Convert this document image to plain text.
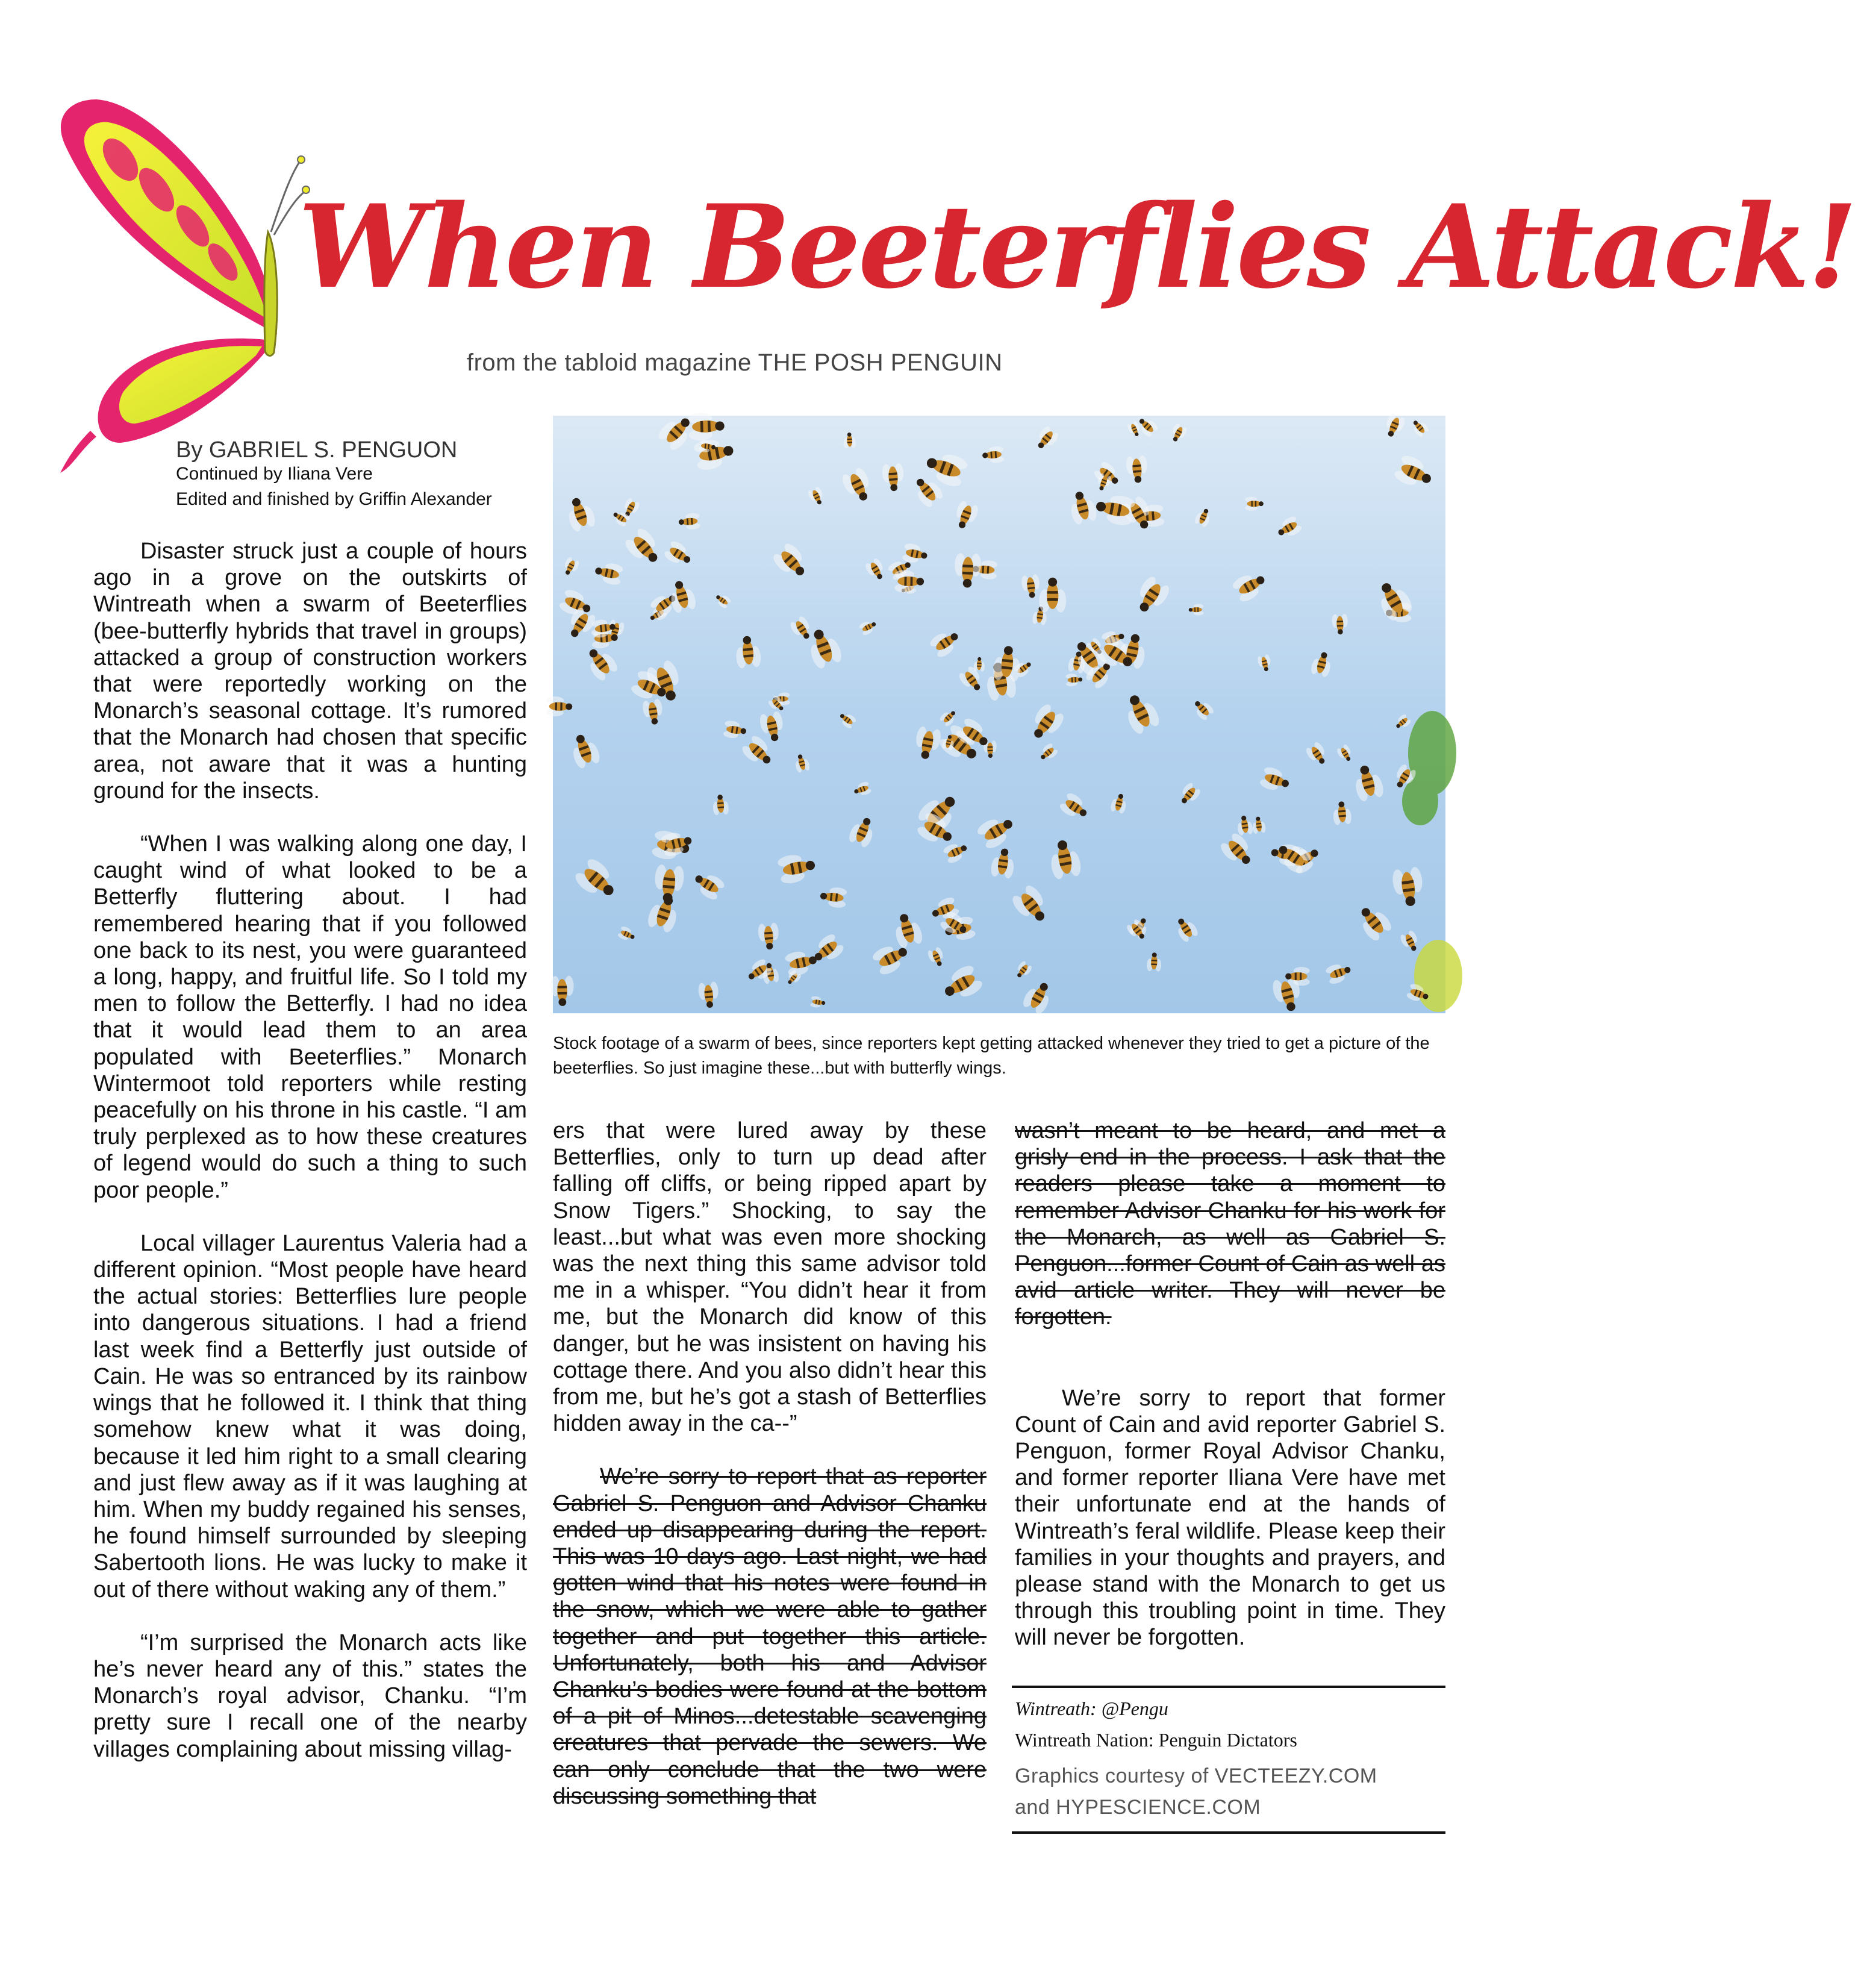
When Beeterflies Attack!
from the tabloid magazine THE POSH PENGUIN
By GABRIEL S. PENGUON
Continued by Iliana Vere
Edited and finished by Griffin Alexander

Stock footage of a swarm of bees, since reporters kept getting attacked whenever they tried to get a picture of the beeterflies. So just imagine these...but with butterfly wings.

Disaster struck just a couple of hours ago in a grove on the outskirts of Wintreath when a swarm of Beeterflies (bee-butterfly hybrids that travel in groups) attacked a group of construction workers that were reportedly working on the Monarch’s seasonal cottage. It’s rumored that the Monarch had chosen that specific area, not aware that it was a hunting ground for the insects.

“When I was walking along one day, I caught wind of what looked to be a Betterfly fluttering about. I had remembered hearing that if you followed one back to its nest, you were guaranteed a long, happy, and fruitful life. So I told my men to follow the Betterfly. I had no idea that it would lead them to an area populated with Beeterflies.” Monarch Wintermoot told reporters while resting peacefully on his throne in his castle. “I am truly perplexed as to how these creatures of legend would do such a thing to such poor people.”

Local villager Laurentus Valeria had a different opinion. “Most people have heard the actual stories: Betterflies lure people into dangerous situations. I had a friend last week find a Betterfly just outside of Cain. He was so entranced by its rainbow wings that he followed it. I think that thing somehow knew what it was doing, because it led him right to a small clearing and just flew away as if it was laughing at him. When my buddy regained his senses, he found himself surrounded by sleeping Sabertooth lions. He was lucky to make it out of there without waking any of them.”

“I’m surprised the Monarch acts like he’s never heard any of this.” states the Monarch’s royal advisor, Chanku. “I’m pretty sure I recall one of the nearby villages complaining about missing villag-

ers that were lured away by these Betterflies, only to turn up dead after falling off cliffs, or being ripped apart by Snow Tigers.” Shocking, to say the least...but what was even more shocking was the next thing this same advisor told me in a whisper. “You didn’t hear it from me, but the Monarch did know of this danger, but he was insistent on having his cottage there. And you also didn’t hear this from me, but he’s got a stash of Betterflies hidden away in the ca--”

We’re sorry to report that as reporter Gabriel S. Penguon and Advisor Chanku ended up disappearing during the report. This was 10 days ago. Last night, we had gotten wind that his notes were found in the snow, which we were able to gather together and put together this article. Unfortunately, both his and Advisor Chanku’s bodies were found at the bottom of a pit of Minos...detestable scavenging creatures that pervade the sewers. We can only conclude that the two were discussing something that

wasn’t meant to be heard, and met a grisly end in the process. I ask that the readers please take a moment to remember Advisor Chanku for his work for the Monarch, as well as Gabriel S. Penguon...former Count of Cain as well as avid article writer. They will never be forgotten.

We’re sorry to report that former Count of Cain and avid reporter Gabriel S. Penguon, former Royal Advisor Chanku, and former reporter Iliana Vere have met their unfortunate end at the hands of Wintreath’s feral wildlife. Please keep their families in your thoughts and prayers, and please stand with the Monarch to get us through this troubling point in time. They will never be forgotten.

Wintreath: @Pengu
Wintreath Nation: Penguin Dictators
Graphics courtesy of VECTEEZY.COM
and HYPESCIENCE.COM
